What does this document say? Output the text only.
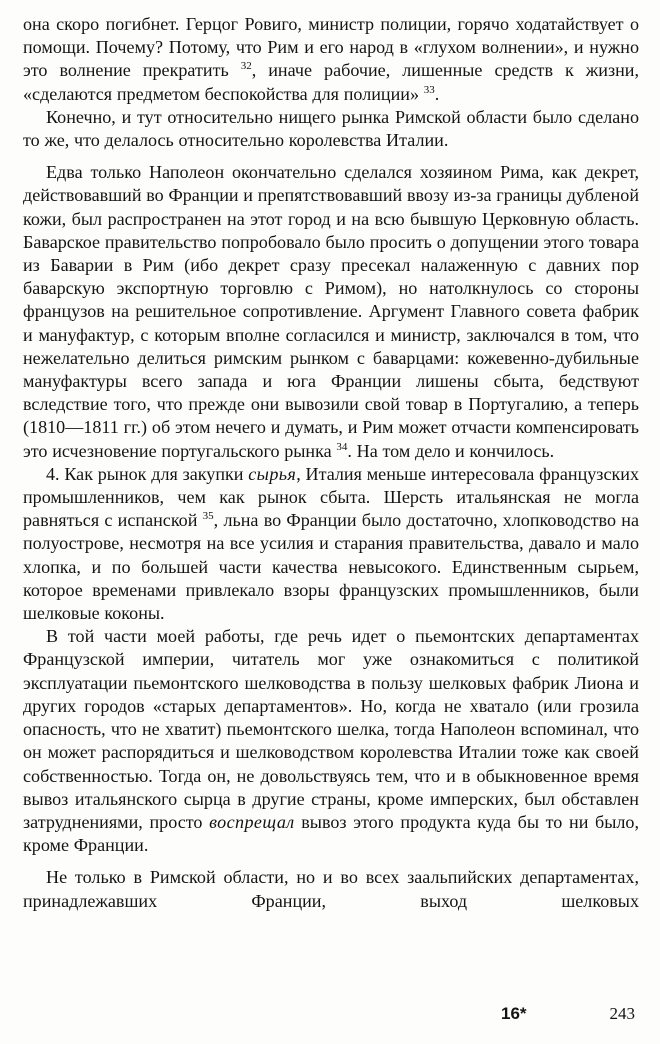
она скоро погибнет. Герцог Ровиго, министр полиции, горячо ходатайствует о помощи. Почему? Потому, что Рим и его народ в «глухом волнении», и нужно это волнение прекратить $^{32}$, иначе рабочие, лишенные средств к жизни, «сделаются предметом беспокойства для полиции» $^{33}$.

Конечно, и тут относительно нищего рынка Римской области было сделано то же, что делалось относительно королевства Италии.

Едва только Наполеон окончательно сделался хозяином Рима, как декрет, действовавший во Франции и препятствовавший ввозу из-за границы дубленой кожи, был распространен на этот город и на всю бывшую Церковную область. Баварское правительство попробовало было просить о допущении этого товара из Баварии в Рим (ибо декрет сразу пресекал налаженную с давних пор баварскую экспортную торговлю с Римом), но натолкнулось со стороны французов на решительное сопротивление. Аргумент Главного совета фабрик и мануфактур, с которым вполне согласился и министр, заключался в том, что нежелательно делиться римским рынком с баварцами: кожевенно-дубильные мануфактуры всего запада и юга Франции лишены сбыта, бедствуют вследствие того, что прежде они вывозили свой товар в Португалию, а теперь (1810—1811 гг.) об этом нечего и думать, и Рим может отчасти компенсировать это исчезновение португальского рынка $^{34}$. На том дело и кончилось.

4. Как рынок для закупки сырья, Италия меньше интересовала французских промышленников, чем как рынок сбыта. Шерсть итальянская не могла равняться с испанской $^{35}$, льна во Франции было достаточно, хлопководство на полуострове, несмотря на все усилия и старания правительства, давало и мало хлопка, и по большей части качества невысокого. Единственным сырьем, которое временами привлекало взоры французских промышленников, были шелковые коконы.

В той части моей работы, где речь идет о пьемонтских департаментах Французской империи, читатель мог уже ознакомиться с политикой эксплуатации пьемонтского шелководства в пользу шелковых фабрик Лиона и других городов «старых департаментов». Но, когда не хватало (или грозила опасность, что не хватит) пьемонтского шелка, тогда Наполеон вспоминал, что он может распорядиться и шелководством королевства Италии тоже как своей собственностью. Тогда он, не довольствуясь тем, что и в обыкновенное время вывоз итальянского сырца в другие страны, кроме имперских, был обставлен затруднениями, просто воспрещал вывоз этого продукта куда бы то ни было, кроме Франции.

Не только в Римской области, но и во всех заальпийских департаментах, принадлежавших Франции, выход шелковых

16*	243
